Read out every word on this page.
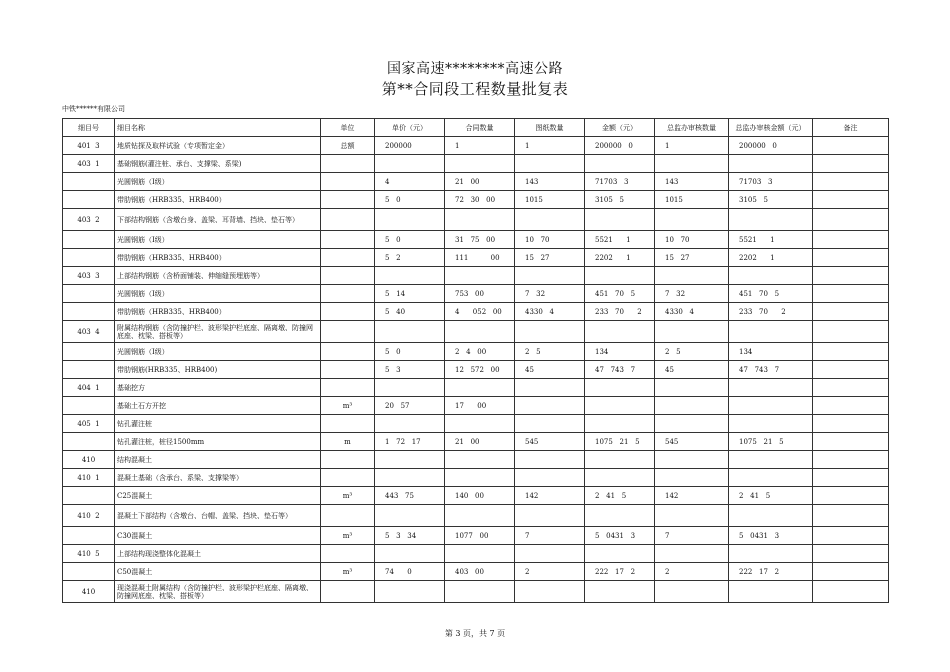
国家高速********高速公路
第**合同段工程数量批复表
中铁******有限公司
细目号	细目名称	单位	单价（元）	合同数量	图纸数量	金额（元）	总监办审核数量	总监办审核金额（元）	备注
401  3	地质钻探及取样试验（专项暂定金）	总额	200000	1	1	200000   0	1	200000   0	
403  1	基础钢筋(灌注桩、承台、支撑梁、系梁)								
	光圆钢筋（Ⅰ级）		4	21   00	143	71703   3	143	71703   3	
	带肋钢筋（HRB335、HRB400）		5   0	72   30   00	1015	3105   5	1015	3105   5	
403  2	下部结构钢筋（含墩台身、盖梁、耳背墙、挡块、垫石等）								
	光圆钢筋（Ⅰ级）		5   0	31   75   00	10   70	5521      1	10   70	5521      1	
	带肋钢筋（HRB335、HRB400）		5   2	111          00	15   27	2202      1	15   27	2202      1	
403  3	上部结构钢筋（含桥面铺装、伸缩缝预埋筋等）								
	光圆钢筋（Ⅰ级）		5   14	753   00	7   32	451   70   5	7   32	451   70   5	
	带肋钢筋（HRB335、HRB400）		5   40	4      052   00	4330   4	233   70      2	4330   4	233   70      2	
403  4	附属结构钢筋（含防撞护栏、波形梁护栏底座、隔离墩、防撞网底座、枕梁、搭板等）								
	光圆钢筋（Ⅰ级）		5   0	2   4   00	2   5	134	2   5	134	
	带肋钢筋(HRB335、HRB400)		5   3	12   572   00	45	47   743   7	45	47   743   7	
404  1	基础挖方								
	基础土石方开挖	m³	20   57	17      00					
405  1	钻孔灌注桩								
	钻孔灌注桩，桩径1500mm	m	1   72   17	21   00	545	1075   21   5	545	1075   21   5	
410	结构混凝土								
410  1	混凝土基础（含承台、系梁、支撑梁等）								
	C25混凝土	m³	443   75	140   00	142	2   41   5	142	2   41   5	
410  2	混凝土下部结构（含墩台、台帽、盖梁、挡块、垫石等）								
	C30混凝土	m³	5   3   34	1077   00	7	5   0431   3	7	5   0431   3	
410  5	上部结构现浇整体化混凝土								
	C50混凝土	m³	74      0	403   00	2	222   17   2	2	222   17   2	
410	现浇混凝土附属结构（含防撞护栏、波形梁护栏底座、隔离墩、防撞网底座、枕梁、搭板等）								
第 3 页，共 7 页
